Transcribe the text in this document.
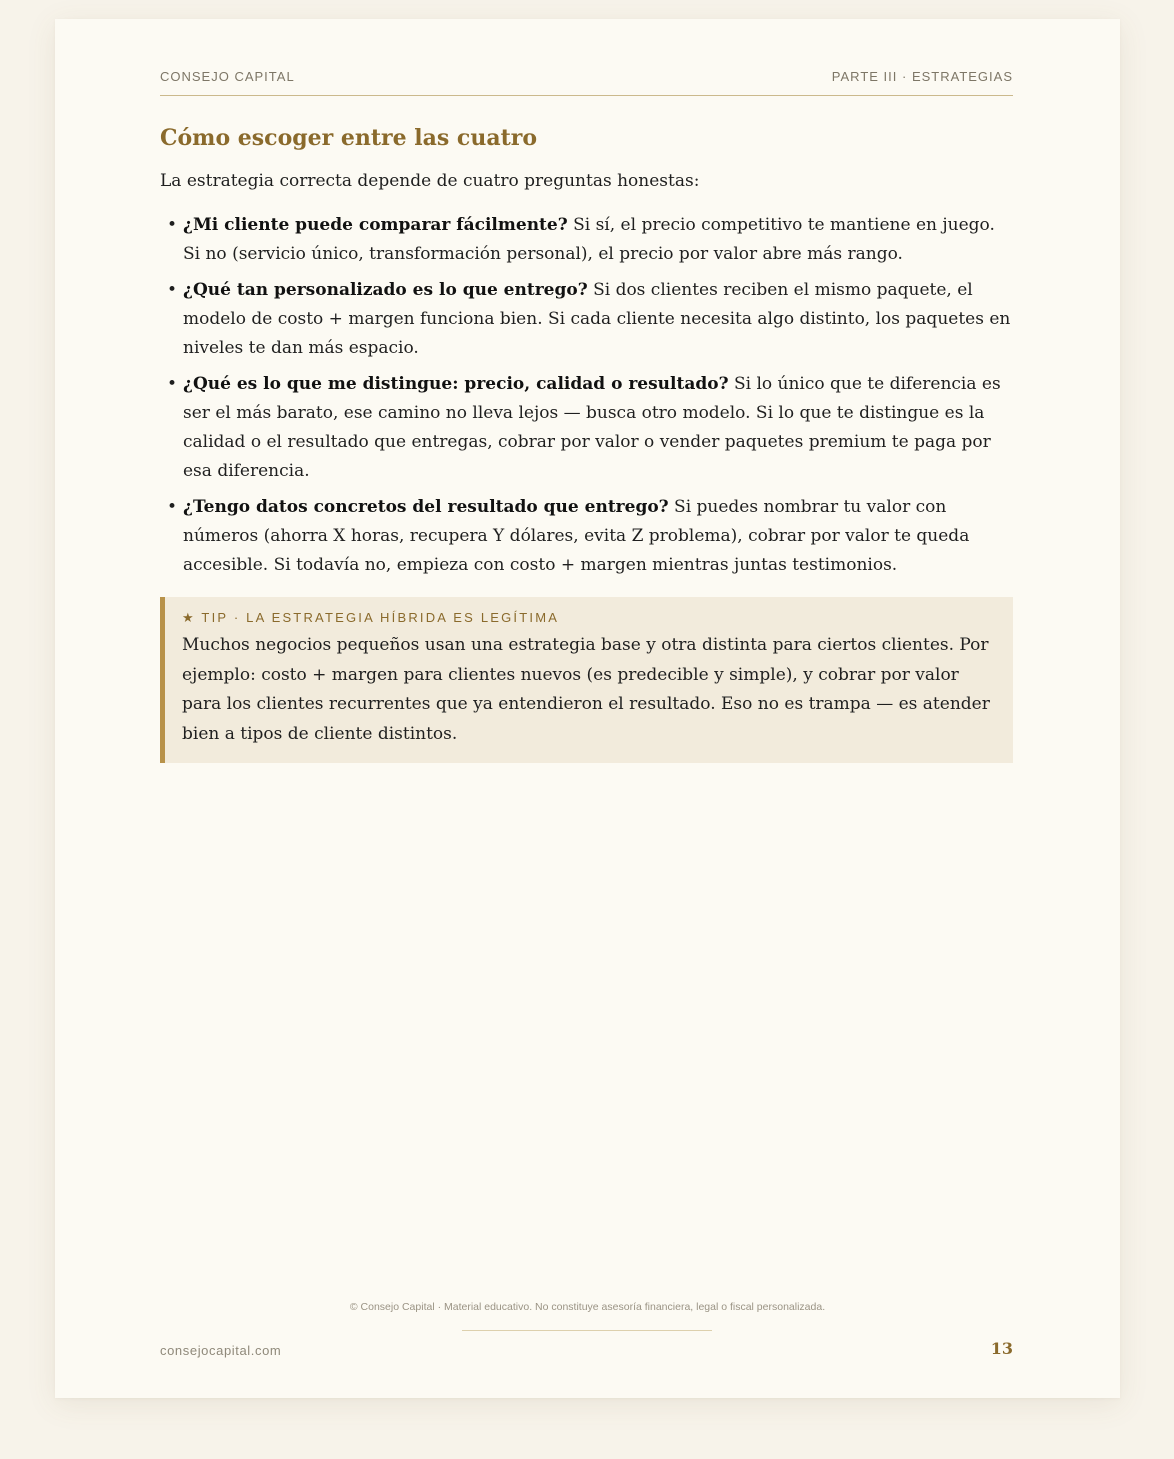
CONSEJO CAPITAL	PARTE III · ESTRATEGIAS
Cómo escoger entre las cuatro

La estrategia correcta depende de cuatro preguntas honestas:

• ¿Mi cliente puede comparar fácilmente? Si sí, el precio competitivo te mantiene en juego. Si no (servicio único, transformación personal), el precio por valor abre más rango.
• ¿Qué tan personalizado es lo que entrego? Si dos clientes reciben el mismo paquete, el modelo de costo + margen funciona bien. Si cada cliente necesita algo distinto, los paquetes en niveles te dan más espacio.
• ¿Qué es lo que me distingue: precio, calidad o resultado? Si lo único que te diferencia es ser el más barato, ese camino no lleva lejos — busca otro modelo. Si lo que te distingue es la calidad o el resultado que entregas, cobrar por valor o vender paquetes premium te paga por esa diferencia.
• ¿Tengo datos concretos del resultado que entrego? Si puedes nombrar tu valor con números (ahorra X horas, recupera Y dólares, evita Z problema), cobrar por valor te queda accesible. Si todavía no, empieza con costo + margen mientras juntas testimonios.
★ TIP · LA ESTRATEGIA HÍBRIDA ES LEGÍTIMA
Muchos negocios pequeños usan una estrategia base y otra distinta para ciertos clientes. Por ejemplo: costo + margen para clientes nuevos (es predecible y simple), y cobrar por valor para los clientes recurrentes que ya entendieron el resultado. Eso no es trampa — es atender bien a tipos de cliente distintos.
© Consejo Capital · Material educativo. No constituye asesoría financiera, legal o fiscal personalizada.
consejocapital.com	13
